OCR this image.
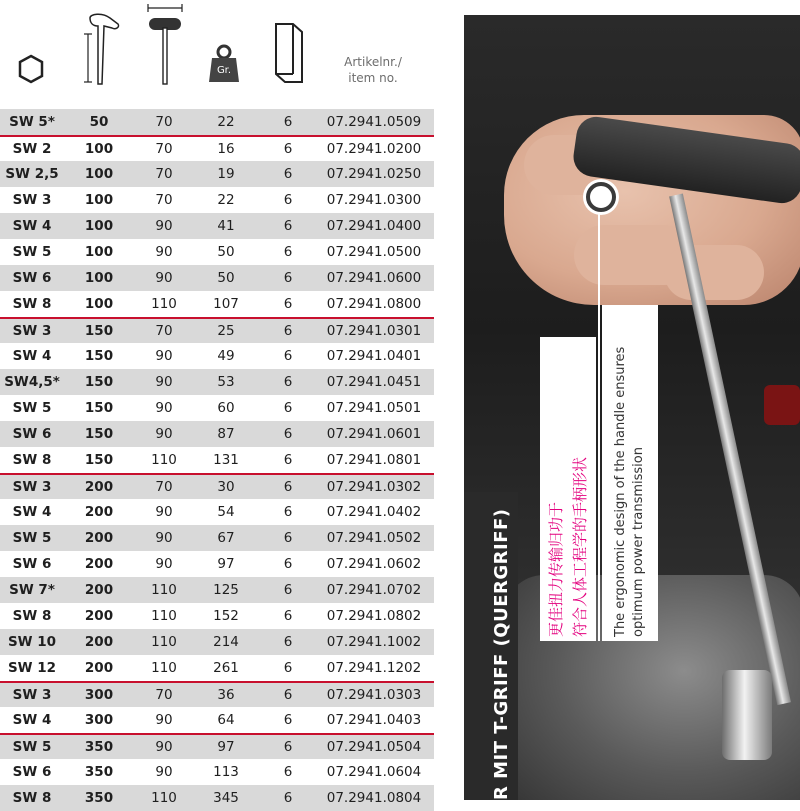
Gr.
Artikelnr./
item no.
SW 5*	50	70	22	6	07.2941.0509
SW 2	100	70	16	6	07.2941.0200
SW 2,5	100	70	19	6	07.2941.0250
SW 3	100	70	22	6	07.2941.0300
SW 4	100	90	41	6	07.2941.0400
SW 5	100	90	50	6	07.2941.0500
SW 6	100	90	50	6	07.2941.0600
SW 8	100	110	107	6	07.2941.0800
SW 3	150	70	25	6	07.2941.0301
SW 4	150	90	49	6	07.2941.0401
SW4,5*	150	90	53	6	07.2941.0451
SW 5	150	90	60	6	07.2941.0501
SW 6	150	90	87	6	07.2941.0601
SW 8	150	110	131	6	07.2941.0801
SW 3	200	70	30	6	07.2941.0302
SW 4	200	90	54	6	07.2941.0402
SW 5	200	90	67	6	07.2941.0502
SW 6	200	90	97	6	07.2941.0602
SW 7*	200	110	125	6	07.2941.0702
SW 8	200	110	152	6	07.2941.0802
SW 10	200	110	214	6	07.2941.1002
SW 12	200	110	261	6	07.2941.1202
SW 3	300	70	36	6	07.2941.0303
SW 4	300	90	64	6	07.2941.0403
SW 5	350	90	97	6	07.2941.0504
SW 6	350	90	113	6	07.2941.0604
SW 8	350	110	345	6	07.2941.0804	R MIT T-GRIFF (QUERGRIFF) 更佳扭力传输归功于 符合人体工程学的手柄形状 The ergonomic design of the handle ensures optimum power transmission
